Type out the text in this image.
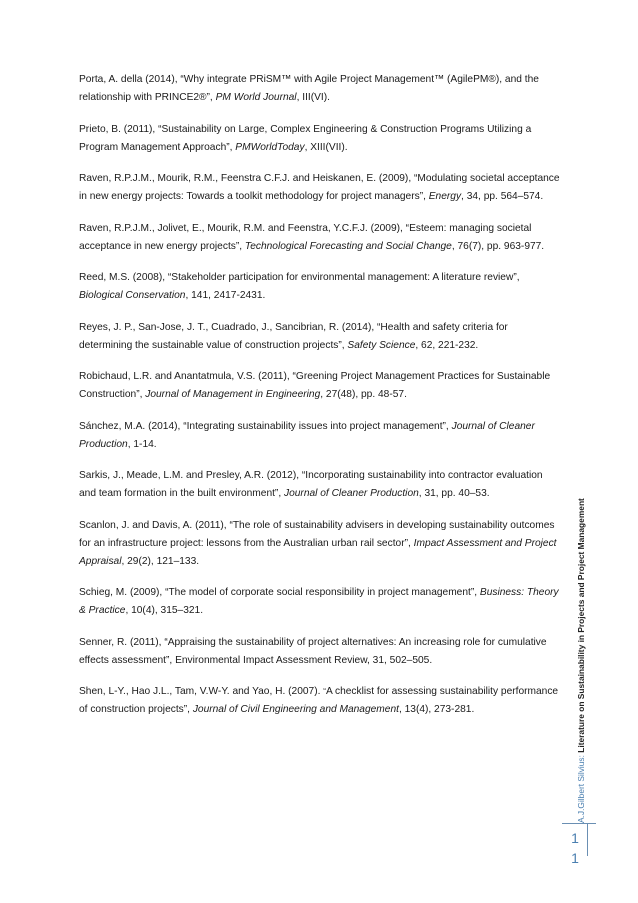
Porta, A. della (2014), “Why integrate PRiSM™ with Agile Project Management™ (AgilePM®), and the relationship with PRINCE2®”, PM World Journal, III(VI).

Prieto, B. (2011), “Sustainability on Large, Complex Engineering & Construction Programs Utilizing a Program Management Approach”, PMWorldToday, XIII(VII).

Raven, R.P.J.M., Mourik, R.M., Feenstra C.F.J. and Heiskanen, E. (2009), “Modulating societal acceptance in new energy projects: Towards a toolkit methodology for project managers”, Energy, 34, pp. 564–574.

Raven, R.P.J.M., Jolivet, E., Mourik, R.M. and Feenstra, Y.C.F.J. (2009), “Esteem: managing societal acceptance in new energy projects”, Technological Forecasting and Social Change, 76(7), pp. 963-977.

Reed, M.S. (2008), “Stakeholder participation for environmental management: A literature review”, Biological Conservation, 141, 2417-2431.

Reyes, J. P., San-Jose, J. T., Cuadrado, J., Sancibrian, R. (2014), “Health and safety criteria for determining the sustainable value of construction projects”, Safety Science, 62, 221-232.

Robichaud, L.R. and Anantatmula, V.S. (2011), “Greening Project Management Practices for Sustainable Construction”, Journal of Management in Engineering, 27(48), pp. 48-57.

Sánchez, M.A. (2014), “Integrating sustainability issues into project management”, Journal of Cleaner Production, 1-14.

Sarkis, J., Meade, L.M. and Presley, A.R. (2012), “Incorporating sustainability into contractor evaluation and team formation in the built environment”, Journal of Cleaner Production, 31, pp. 40–53.

Scanlon, J. and Davis, A. (2011), “The role of sustainability advisers in developing sustainability outcomes for an infrastructure project: lessons from the Australian urban rail sector”, Impact Assessment and Project Appraisal, 29(2), 121–133.

Schieg, M. (2009), “The model of corporate social responsibility in project management”, Business: Theory & Practice, 10(4), 315–321.

Senner, R. (2011), “Appraising the sustainability of project alternatives: An increasing role for cumulative effects assessment”, Environmental Impact Assessment Review, 31, 502–505.

Shen, L-Y., Hao J.L., Tam, V.W-Y. and Yao, H. (2007). “A checklist for assessing sustainability performance of construction projects”, Journal of Civil Engineering and Management, 13(4), 273-281.

A.J.Gilbert Silvius: Literature on Sustainability in Projects and Project Management
1
1
